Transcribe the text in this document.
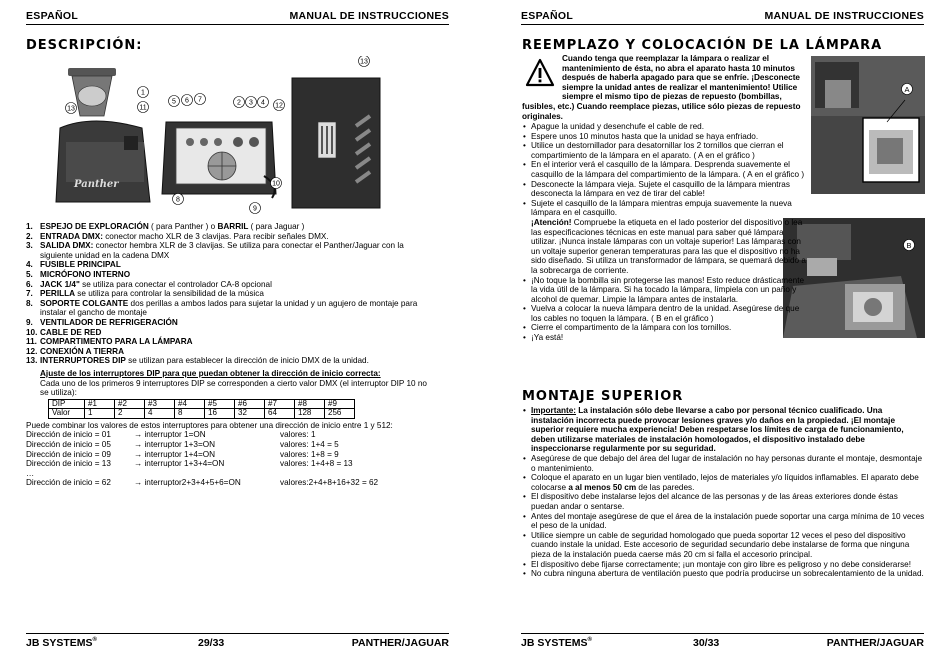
ESPAÑOL	MANUAL DE INSTRUCCIONES
DESCRIPCIÓN:
Panther
13
1
11
5 6 7	2 3 4 12
8
9
10
13
1. ESPEJO DE EXPLORACIÓN ( para Panther ) o BARRIL ( para Jaguar )
2. ENTRADA DMX: conector macho XLR de 3 clavijas. Para recibir señales DMX.
3. SALIDA DMX: conector hembra XLR de 3 clavijas. Se utiliza para conectar el Panther/Jaguar con la siguiente unidad en la cadena DMX
4. FUSIBLE PRINCIPAL
5. MICRÓFONO INTERNO
6. JACK 1/4" se utiliza para conectar el controlador CA-8 opcional
7. PERILLA se utiliza para controlar la sensibilidad de la música
8. SOPORTE COLGANTE dos perillas a ambos lados para sujetar la unidad y un agujero de montaje para instalar el gancho de montaje
9. VENTILADOR DE REFRIGERACIÓN
10. CABLE DE RED
11. COMPARTIMENTO PARA LA LÁMPARA
12. CONEXIÓN A TIERRA
13. INTERRUPTORES DIP se utilizan para establecer la dirección de inicio DMX de la unidad.
Ajuste de los interruptores DIP para que puedan obtener la dirección de inicio correcta:
Cada uno de los primeros 9 interruptores DIP se corresponden a cierto valor DMX (el interruptor DIP 10 no se utiliza):
DIP	#1	#2	#3	#4	#5	#6	#7	#8	#9
Valor	1	2	4	8	16	32	64	128	256
Puede combinar los valores de estos interruptores para obtener una dirección de inicio entre 1 y 512:
Dirección de inicio = 01	→ interruptor 1=ON	valores: 1
Dirección de inicio = 05	→ interruptor 1+3=ON	valores: 1+4 = 5
Dirección de inicio = 09	→ interruptor 1+4=ON	valores: 1+8 = 9
Dirección de inicio = 13	→ interruptor 1+3+4=ON	valores: 1+4+8 = 13
…
Dirección de inicio = 62	→ interruptor2+3+4+5+6=ON	valores:2+4+8+16+32 = 62
JB SYSTEMS®	29/33	PANTHER/JAGUAR
ESPAÑOL	MANUAL DE INSTRUCCIONES
REEMPLAZO Y COLOCACIÓN DE LA LÁMPARA
A
B
Cuando tenga que reemplazar la lámpara o realizar el mantenimiento de ésta, no abra el aparato hasta 10 minutos después de haberla apagado para que se enfríe. ¡Desconecte siempre la unidad antes de realizar el mantenimiento! Utilice siempre el mismo tipo de piezas de repuesto (bombillas, fusibles, etc.) Cuando reemplace piezas, utilice sólo piezas de repuesto originales.
• Apague la unidad y desenchufe el cable de red.
• Espere unos 10 minutos hasta que la unidad se haya enfriado.
• Utilice un destornillador para desatornillar los 2 tornillos que cierran el compartimiento de la lámpara en el aparato. ( A en el gráfico )
• En el interior verá el casquillo de la lámpara. Desprenda suavemente el casquillo de la lámpara del compartimiento de la lámpara. ( A en el gráfico )
• Desconecte la lámpara vieja. Sujete el casquillo de la lámpara mientras desconecta la lámpara en vez de tirar del cable!
• Sujete el casquillo de la lámpara mientras empuja suavemente la nueva lámpara en el casquillo.
¡Atención! Compruebe la etiqueta en el lado posterior del dispositivo o lea las especificaciones técnicas en este manual para saber qué lámpara utilizar. ¡Nunca instale lámparas con un voltaje superior! Las lámparas con un voltaje superior generan temperaturas para las que el dispositivo no ha sido diseñado. Si utiliza un transformador de lámpara, se quemará debido a la sobrecarga de corriente.
• ¡No toque la bombilla sin protegerse las manos! Esto reduce drásticamente la vida útil de la lámpara. Si ha tocado la lámpara, límpiela con un paño y alcohol de quemar. Limpie la lámpara antes de instalarla.
• Vuelva a colocar la nueva lámpara dentro de la unidad. Asegúrese de que los cables no toquen la lámpara. ( B en el gráfico )
• Cierre el compartimento de la lámpara con los tornillos.
• ¡Ya está!
MONTAJE SUPERIOR
• Importante: La instalación sólo debe llevarse a cabo por personal técnico cualificado. Una instalación incorrecta puede provocar lesiones graves y/o daños en la propiedad. ¡El montaje superior requiere mucha experiencia! Deben respetarse los límites de carga de funcionamiento, deben utilizarse materiales de instalación homologados, el dispositivo instalado debe inspeccionarse regularmente por su seguridad.
• Asegúrese de que debajo del área del lugar de instalación no hay personas durante el montaje, desmontaje o mantenimiento.
• Coloque el aparato en un lugar bien ventilado, lejos de materiales y/o líquidos inflamables. El aparato debe colocarse a al menos 50 cm de las paredes.
• El dispositivo debe instalarse lejos del alcance de las personas y de las áreas exteriores donde éstas puedan andar o sentarse.
• Antes del montaje asegúrese de que el área de la instalación puede soportar una carga mínima de 10 veces el peso de la unidad.
• Utilice siempre un cable de seguridad homologado que pueda soportar 12 veces el peso del dispositivo cuando instale la unidad. Este accesorio de seguridad secundario debe instalarse de forma que ninguna pieza de la instalación pueda caerse más 20 cm si falla el accesorio principal.
• El dispositivo debe fijarse correctamente; ¡un montaje con giro libre es peligroso y no debe considerarse!
• No cubra ninguna abertura de ventilación puesto que podría producirse un sobrecalentamiento de la unidad.
JB SYSTEMS®	30/33	PANTHER/JAGUAR
